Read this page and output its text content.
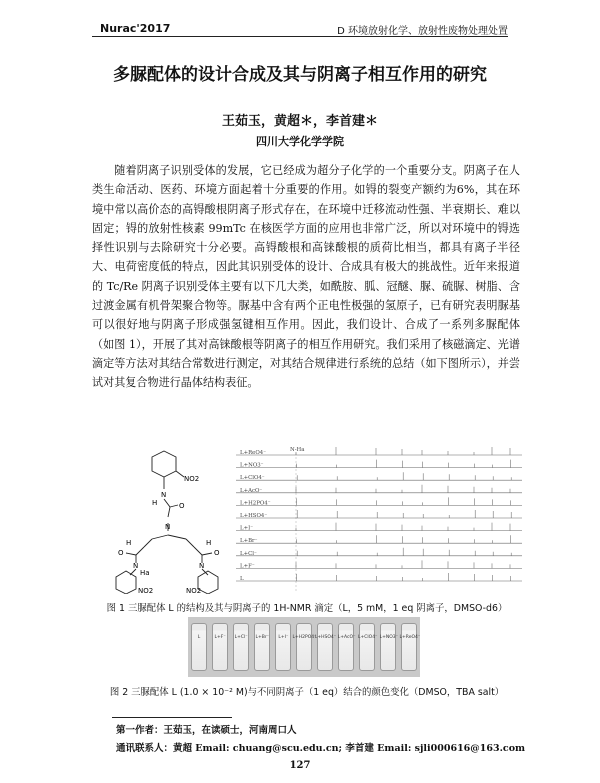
Nurac'2017	D 环境放射化学、放射性废物处理处置
多脲配体的设计合成及其与阴离子相互作用的研究
王茹玉，黄超＊，李首建＊
四川大学化学学院
随着阴离子识别受体的发展，它已经成为超分子化学的一个重要分支。阴离子在人类生命活动、医药、环境方面起着十分重要的作用。如锝的裂变产额约为6%，其在环境中常以高价态的高锝酸根阴离子形式存在，在环境中迁移流动性强、半衰期长、难以固定；锝的放射性核素 99mTc 在核医学方面的应用也非常广泛，所以对环境中的锝选择性识别与去除研究十分必要。高锝酸根和高铼酸根的质荷比相当，都具有离子半径大、电荷密度低的特点，因此其识别受体的设计、合成具有极大的挑战性。近年来报道的 Tc/Re 阴离子识别受体主要有以下几大类，如酰胺、胍、冠醚、脲、硫脲、树脂、含过渡金属有机骨架聚合物等。脲基中含有两个正电性极强的氢原子，已有研究表明脲基可以很好地与阴离子形成强氢键相互作用。因此，我们设计、合成了一系列多脲配体（如图 1），开展了其对高铼酸根等阴离子的相互作用研究。我们采用了核磁滴定、光谱滴定等方法对其结合常数进行测定，对其结合规律进行系统的总结（如下图所示），并尝试对其复合物进行晶体结构表征。
NO2
H
N
O
N
O	O
H	H
N	N
Ha
NO2	NO2
N-Ha
L+ReO4⁻
L+NO3⁻
L+ClO4⁻
L+AcO⁻
L+H2PO4⁻
L+HSO4⁻
L+I⁻
L+Br⁻
L+Cl⁻
L+F⁻
L
图 1 三脲配体 L 的结构及其与阴离子的 1H-NMR 滴定（L，5 mM，1 eq 阴离子，DMSO-d6）
L	L+F⁻	L+Cl⁻	L+Br⁻	L+I⁻ L+H2PO4⁻
L+HSO4⁻ L+AcO⁻ L+ClO4⁻ L+NO3⁻ L+ReO4⁻
图 2 三脲配体 L (1.0 × 10⁻² M)与不同阴离子（1 eq）结合的颜色变化（DMSO，TBA salt）
第一作者：王茹玉，在读硕士，河南周口人
通讯联系人：黄超 Email: chuang@scu.edu.cn; 李首建 Email: sjli000616@163.com
127
